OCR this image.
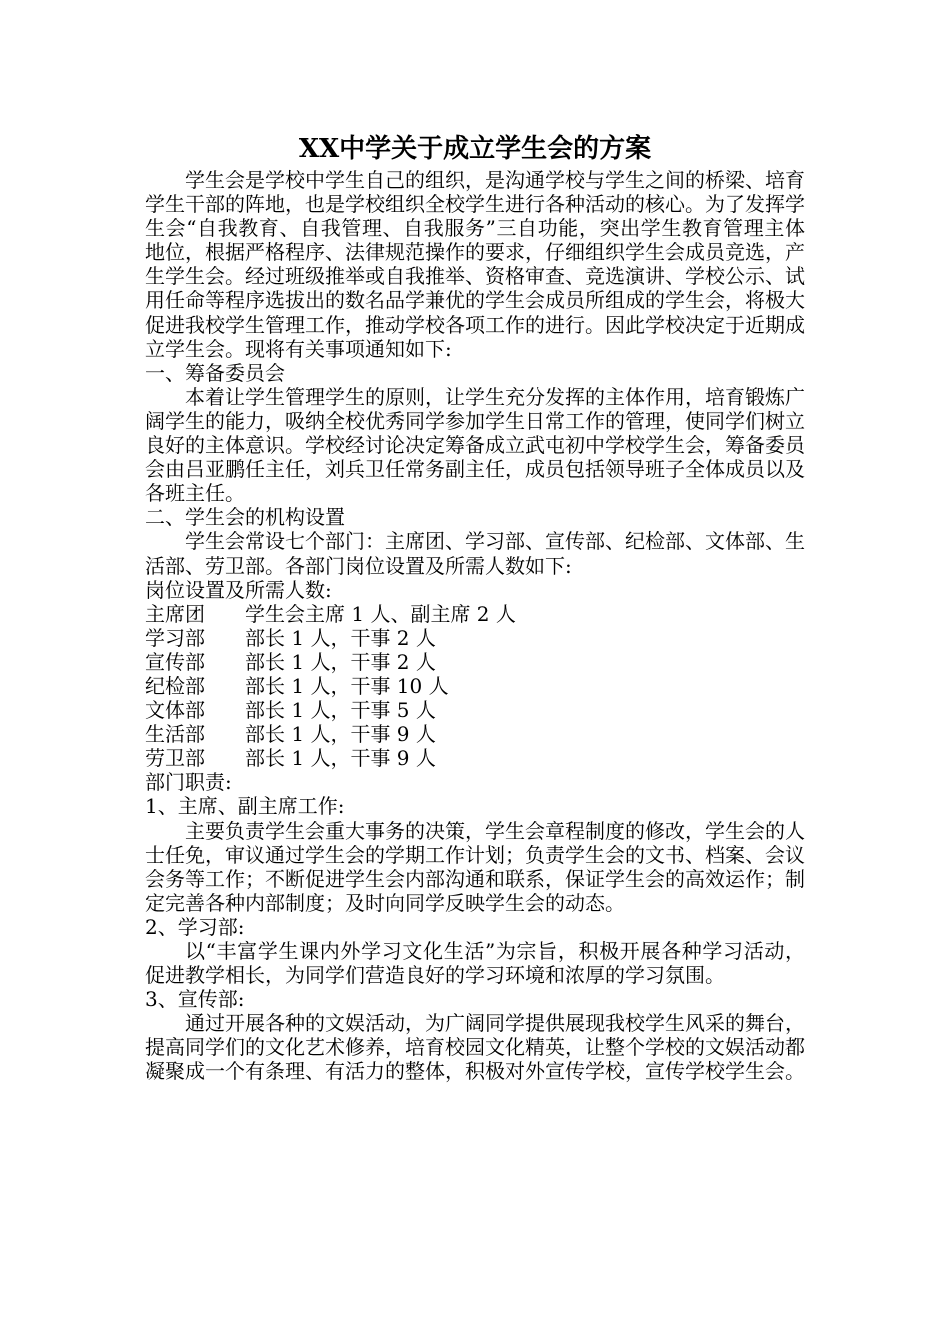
XX中学关于成立学生会的方案

学生会是学校中学生自己的组织，是沟通学校与学生之间的桥梁、培育学生干部的阵地，也是学校组织全校学生进行各种活动的核心。为了发挥学生会“自我教育、自我管理、自我服务”三自功能，突出学生教育管理主体地位，根据严格程序、法律规范操作的要求，仔细组织学生会成员竞选，产生学生会。经过班级推举或自我推举、资格审查、竞选演讲、学校公示、试用任命等程序选拔出的数名品学兼优的学生会成员所组成的学生会，将极大促进我校学生管理工作，推动学校各项工作的进行。因此学校决定于近期成立学生会。现将有关事项通知如下:

一、筹备委员会

本着让学生管理学生的原则，让学生充分发挥的主体作用，培育锻炼广阔学生的能力，吸纳全校优秀同学参加学生日常工作的管理，使同学们树立良好的主体意识。学校经讨论决定筹备成立武屯初中学校学生会，筹备委员会由吕亚鹏任主任，刘兵卫任常务副主任，成员包括领导班子全体成员以及各班主任。

二、学生会的机构设置

学生会常设七个部门：主席团、学习部、宣传部、纪检部、文体部、生活部、劳卫部。各部门岗位设置及所需人数如下:

岗位设置及所需人数:

主席团	学生会主席 1 人、副主席 2 人
学习部	部长 1 人，干事 2 人
宣传部	部长 1 人，干事 2 人
纪检部	部长 1 人，干事 10 人
文体部	部长 1 人，干事 5 人
生活部	部长 1 人，干事 9 人
劳卫部	部长 1 人，干事 9 人

部门职责:

1、主席、副主席工作:

主要负责学生会重大事务的决策，学生会章程制度的修改，学生会的人士任免，审议通过学生会的学期工作计划；负责学生会的文书、档案、会议会务等工作；不断促进学生会内部沟通和联系，保证学生会的高效运作；制定完善各种内部制度；及时向同学反映学生会的动态。

2、学习部:

以“丰富学生课内外学习文化生活”为宗旨，积极开展各种学习活动，促进教学相长，为同学们营造良好的学习环境和浓厚的学习氛围。

3、宣传部:

通过开展各种的文娱活动，为广阔同学提供展现我校学生风采的舞台，提高同学们的文化艺术修养，培育校园文化精英，让整个学校的文娱活动都凝聚成一个有条理、有活力的整体，积极对外宣传学校，宣传学校学生会。
